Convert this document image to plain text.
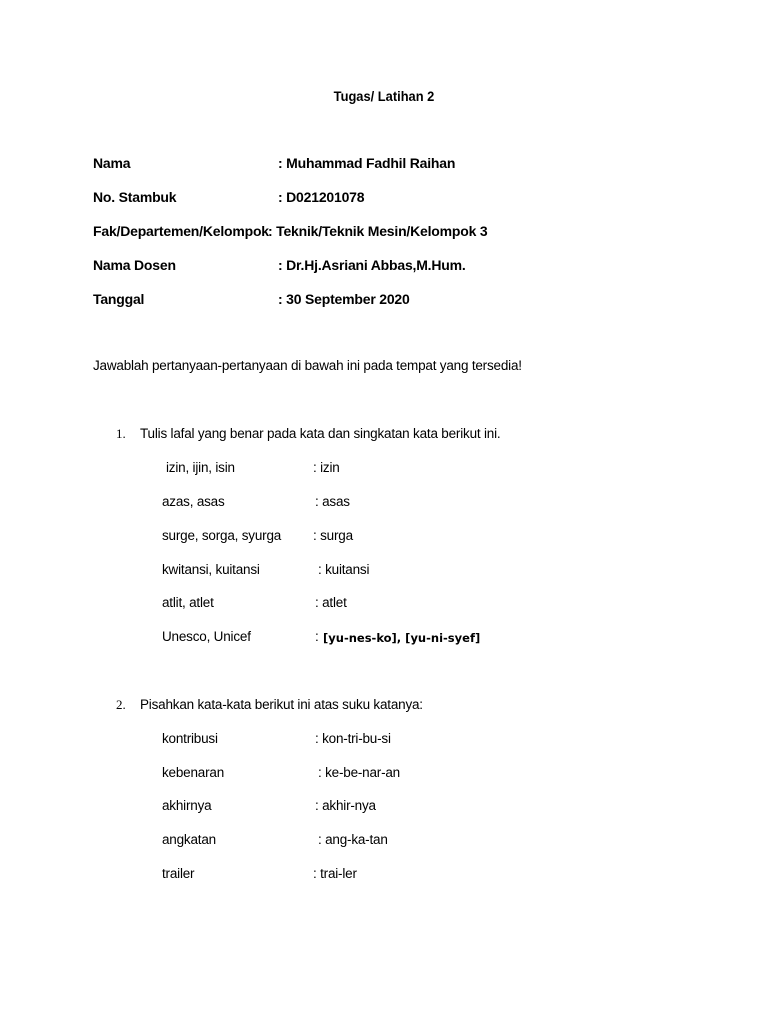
Tugas/ Latihan 2
Nama	: Muhammad Fadhil Raihan
No. Stambuk	: D021201078
Fak/Departemen/Kelompok : Teknik/Teknik Mesin/Kelompok 3
Nama Dosen	: Dr.Hj.Asriani Abbas,M.Hum.
Tanggal	: 30 September 2020
Jawablah pertanyaan-pertanyaan di bawah ini pada tempat yang tersedia!
1. Tulis lafal yang benar pada kata dan singkatan kata berikut ini.
izin, ijin, isin	: izin
azas, asas	: asas
surge, sorga, syurga : surga
kwitansi, kuitansi	: kuitansi
atlit, atlet	: atlet
Unesco, Unicef	: [yu-nes-ko], [yu-ni-syef]
2. Pisahkan kata-kata berikut ini atas suku katanya:
kontribusi	: kon-tri-bu-si
kebenaran	: ke-be-nar-an
akhirnya	: akhir-nya
angkatan	: ang-ka-tan
trailer	: trai-ler
